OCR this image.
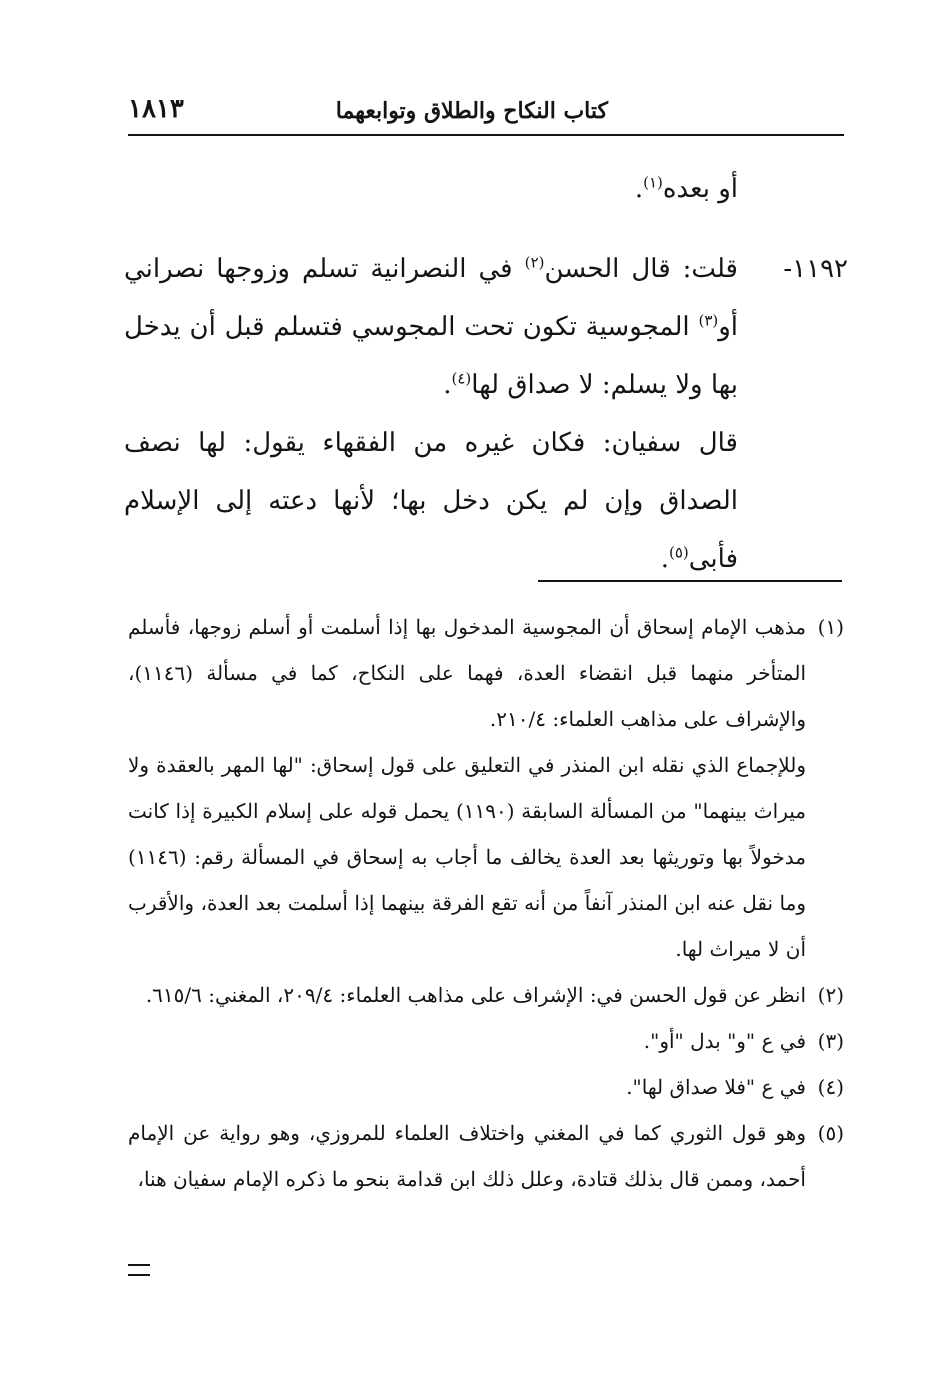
كتاب النكاح والطلاق وتوابعهما
١٨١٣

أو بعده$^{(١)}$.

١١٩٢-

قلت: قال الحسن$^{(٢)}$ في النصرانية تسلم وزوجها نصراني أو$^{(٣)}$ المجوسية تكون تحت المجوسي فتسلم قبل أن يدخل بها ولا يسلم: لا صداق لها$^{(٤)}$.

قال سفيان: فكان غيره من الفقهاء يقول: لها نصف الصداق وإن لم يكن دخل بها؛ لأنها دعته إلى الإسلام فأبى$^{(٥)}$.

(١)
مذهب الإمام إسحاق أن المجوسية المدخول بها إذا أسلمت أو أسلم زوجها، فأسلم المتأخر منهما قبل انقضاء العدة، فهما على النكاح، كما في مسألة (١١٤٦)، والإشراف على مذاهب العلماء: ٢١٠/٤.

وللإجماع الذي نقله ابن المنذر في التعليق على قول إسحاق: "لها المهر بالعقدة ولا ميراث بينهما" من المسألة السابقة (١١٩٠) يحمل قوله على إسلام الكبيرة إذا كانت مدخولاً بها وتوريثها بعد العدة يخالف ما أجاب به إسحاق في المسألة رقم: (١١٤٦) وما نقل عنه ابن المنذر آنفاً من أنه تقع الفرقة بينهما إذا أسلمت بعد العدة، والأقرب أن لا ميراث لها.

(٢)
انظر عن قول الحسن في: الإشراف على مذاهب العلماء: ٢٠٩/٤، المغني: ٦١٥/٦.

(٣)
في ع "و" بدل "أو".

(٤)
في ع "فلا صداق لها".

(٥)
وهو قول الثوري كما في المغني واختلاف العلماء للمروزي، وهو رواية عن الإمام أحمد، وممن قال بذلك قتادة، وعلل ذلك ابن قدامة بنحو ما ذكره الإمام سفيان هنا،
